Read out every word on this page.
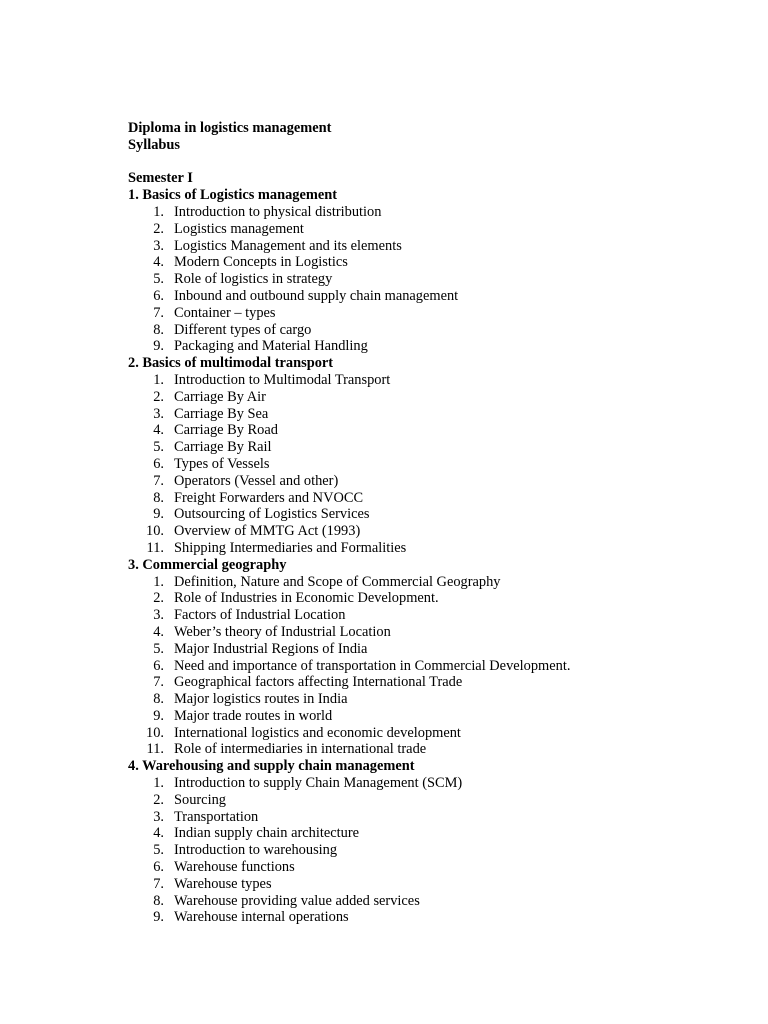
Diploma in logistics management
Syllabus
Semester I
1. Basics of Logistics management
1. Introduction to physical distribution
2. Logistics management
3. Logistics Management and its elements
4. Modern Concepts in Logistics
5. Role of logistics in strategy
6. Inbound and outbound supply chain management
7. Container – types
8. Different types of cargo
9. Packaging and Material Handling
2. Basics of multimodal transport
1. Introduction to Multimodal Transport
2. Carriage By Air
3. Carriage By Sea
4. Carriage By Road
5. Carriage By Rail
6. Types of Vessels
7. Operators (Vessel and other)
8. Freight Forwarders and NVOCC
9. Outsourcing of Logistics Services
10. Overview of MMTG Act (1993)
11. Shipping Intermediaries and Formalities
3. Commercial geography
1. Definition, Nature and Scope of Commercial Geography
2. Role of Industries in Economic Development.
3. Factors of Industrial Location
4. Weber’s theory of Industrial Location
5. Major Industrial Regions of India
6. Need and importance of transportation in Commercial Development.
7. Geographical factors affecting International Trade
8. Major logistics routes in India
9. Major trade routes in world
10. International logistics and economic development
11. Role of intermediaries in international trade
4. Warehousing and supply chain management
1. Introduction to supply Chain Management (SCM)
2. Sourcing
3. Transportation
4. Indian supply chain architecture
5. Introduction to warehousing
6. Warehouse functions
7. Warehouse types
8. Warehouse providing value added services
9. Warehouse internal operations
